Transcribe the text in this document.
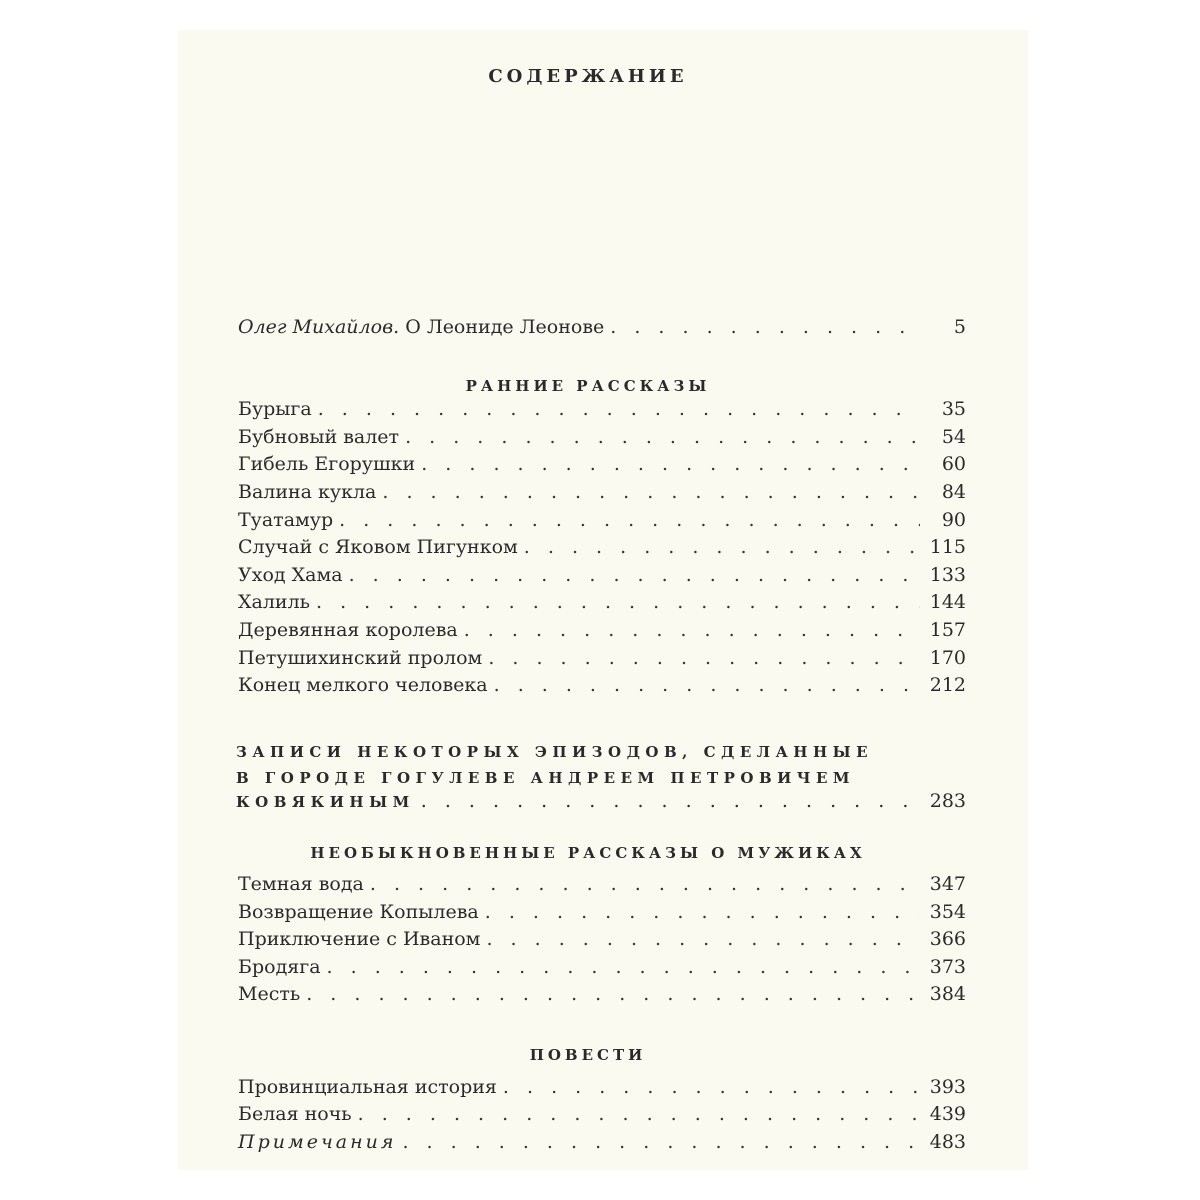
СОДЕРЖАНИЕ
Олег Михайлов. О Леониде Леонове . . .	5
РАННИЕ РАССКАЗЫ
Бурыга . . .	35
Бубновый валет . . .	54
Гибель Егорушки . . .	60
Валина кукла . . .	84
Туатамур . . .	90
Случай с Яковом Пигунком . . .	115
Уход Хама . . .	133
Халиль . . .	144
Деревянная королева . . .	157
Петушихинский пролом . . .	170
Конец мелкого человека . . .	212
ЗАПИСИ НЕКОТОРЫХ ЭПИЗОДОВ, СДЕЛАННЫЕ
В ГОРОДЕ ГОГУЛЕВЕ АНДРЕЕМ ПЕТРОВИЧЕМ
КОВЯКИНЫМ . . .	283
НЕОБЫКНОВЕННЫЕ РАССКАЗЫ О МУЖИКАХ
Темная вода . . .	347
Возвращение Копылева . . .	354
Приключение с Иваном . . .	366
Бродяга . . .	373
Месть . . .	384
ПОВЕСТИ
Провинциальная история . . .	393
Белая ночь . . .	439
Примечания . . .	483
